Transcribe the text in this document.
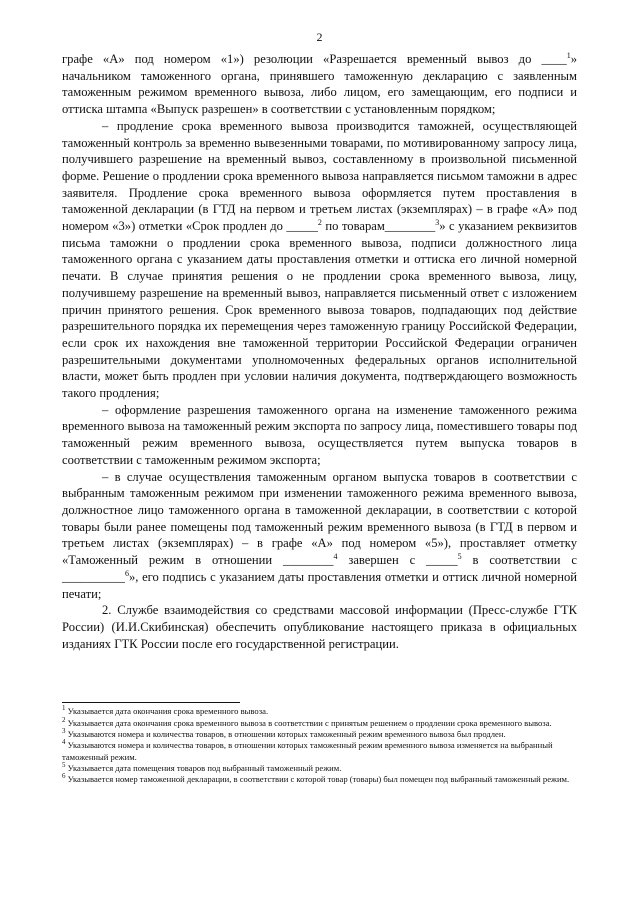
2

графе «А» под номером «1») резолюции «Разрешается временный вывоз до ____$^1$» начальником таможенного органа, принявшего таможенную декларацию с заявленным таможенным режимом временного вывоза, либо лицом, его замещающим, его подписи и оттиска штампа «Выпуск разрешен» в соответствии с установленным порядком;

– продление срока временного вывоза производится таможней, осуществляющей таможенный контроль за временно вывезенными товарами, по мотивированному запросу лица, получившего разрешение на временный вывоз, составленному в произвольной письменной форме. Решение о продлении срока временного вывоза направляется письмом таможни в адрес заявителя. Продление срока временного вывоза оформляется путем проставления в таможенной декларации (в ГТД на первом и третьем листах (экземплярах) – в графе «А» под номером «3») отметки «Срок продлен до _____$^2$ по товарам________$^3$» с указанием реквизитов письма таможни о продлении срока временного вывоза, подписи должностного лица таможенного органа с указанием даты проставления отметки и оттиска его личной номерной печати. В случае принятия решения о не продлении срока временного вывоза, лицу, получившему разрешение на временный вывоз, направляется письменный ответ с изложением причин принятого решения. Срок временного вывоза товаров, подпадающих под действие разрешительного порядка их перемещения через таможенную границу Российской Федерации, если срок их нахождения вне таможенной территории Российской Федерации ограничен разрешительными документами уполномоченных федеральных органов исполнительной власти, может быть продлен при условии наличия документа, подтверждающего возможность такого продления;

– оформление разрешения таможенного органа на изменение таможенного режима временного вывоза на таможенный режим экспорта по запросу лица, поместившего товары под таможенный режим временного вывоза, осуществляется путем выпуска товаров в соответствии с таможенным режимом экспорта;

– в случае осуществления таможенным органом выпуска товаров в соответствии с выбранным таможенным режимом при изменении таможенного режима временного вывоза, должностное лицо таможенного органа в таможенной декларации, в соответствии с которой товары были ранее помещены под таможенный режим временного вывоза (в ГТД в первом и третьем листах (экземплярах) – в графе «А» под номером «5»), проставляет отметку «Таможенный режим в отношении ________$^4$ завершен с _____$^5$ в соответствии с __________$^6$», его подпись с указанием даты проставления отметки и оттиск личной номерной печати;

2. Службе взаимодействия со средствами массовой информации (Пресс-службе ГТК России) (И.И.Скибинская) обеспечить опубликование настоящего приказа в официальных изданиях ГТК России после его государственной регистрации.

$^1$ Указывается дата окончания срока временного вывоза.
$^2$ Указывается дата окончания срока временного вывоза в соответствии с принятым решением о продлении срока временного вывоза.
$^3$ Указываются номера и количества товаров, в отношении которых таможенный режим временного вывоза был продлен.
$^4$ Указываются номера и количества товаров, в отношении которых таможенный режим временного вывоза изменяется на выбранный таможенный режим.
$^5$ Указывается дата помещения товаров под выбранный таможенный режим.
$^6$ Указывается номер таможенной декларации, в соответствии с которой товар (товары) был помещен под выбранный таможенный режим.
